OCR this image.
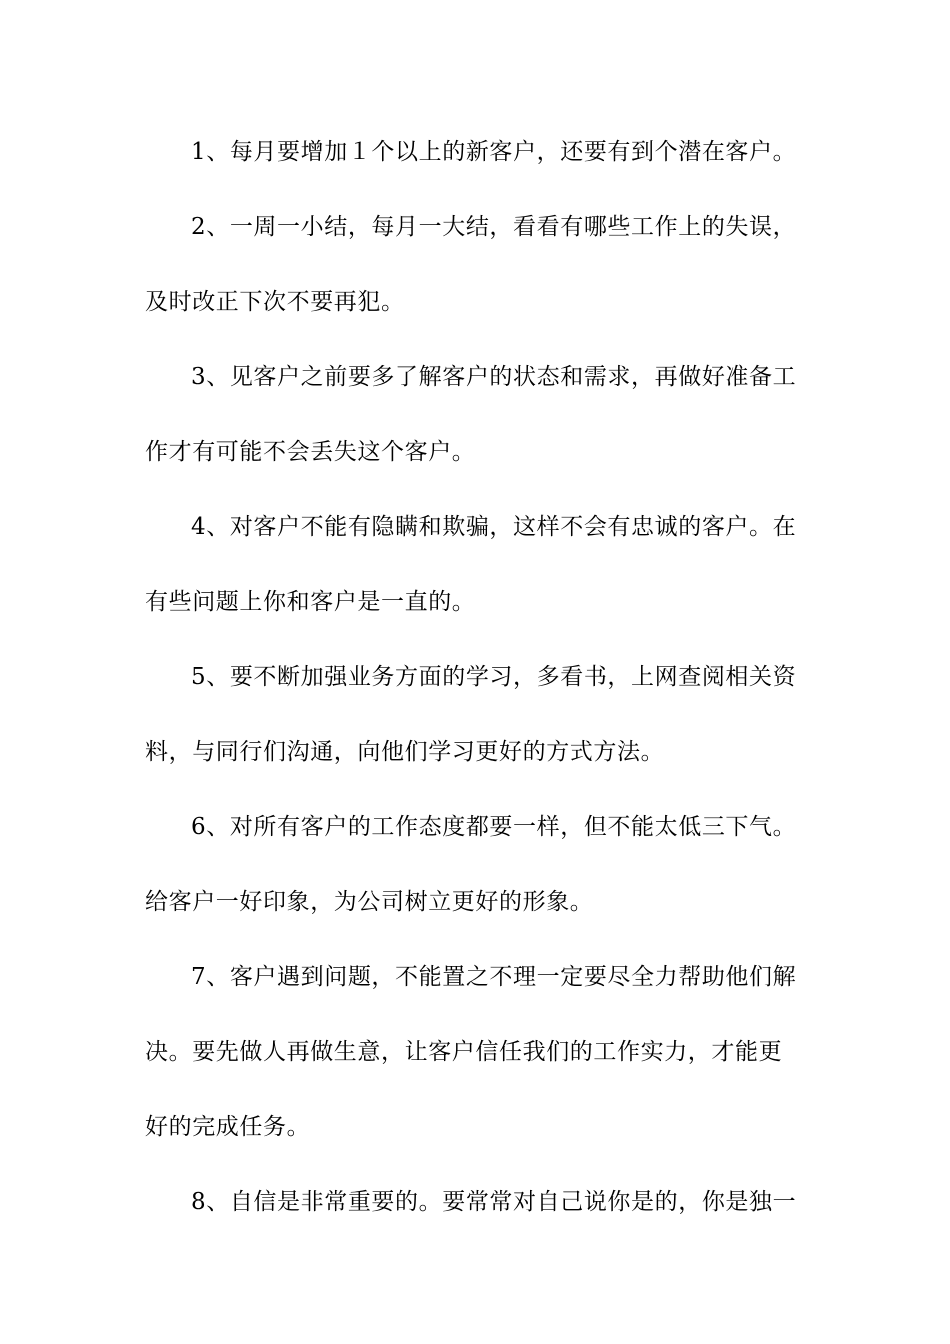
1、每月要增加１个以上的新客户，还要有到个潜在客户。
2、一周一小结，每月一大结，看看有哪些工作上的失误，
及时改正下次不要再犯。
3、见客户之前要多了解客户的状态和需求，再做好准备工
作才有可能不会丢失这个客户。
4、对客户不能有隐瞒和欺骗，这样不会有忠诚的客户。在
有些问题上你和客户是一直的。
5、要不断加强业务方面的学习，多看书，上网查阅相关资
料，与同行们沟通，向他们学习更好的方式方法。
6、对所有客户的工作态度都要一样，但不能太低三下气。
给客户一好印象，为公司树立更好的形象。
7、客户遇到问题，不能置之不理一定要尽全力帮助他们解
决。要先做人再做生意，让客户信任我们的工作实力，才能更
好的完成任务。
8、自信是非常重要的。要常常对自己说你是的，你是独一
